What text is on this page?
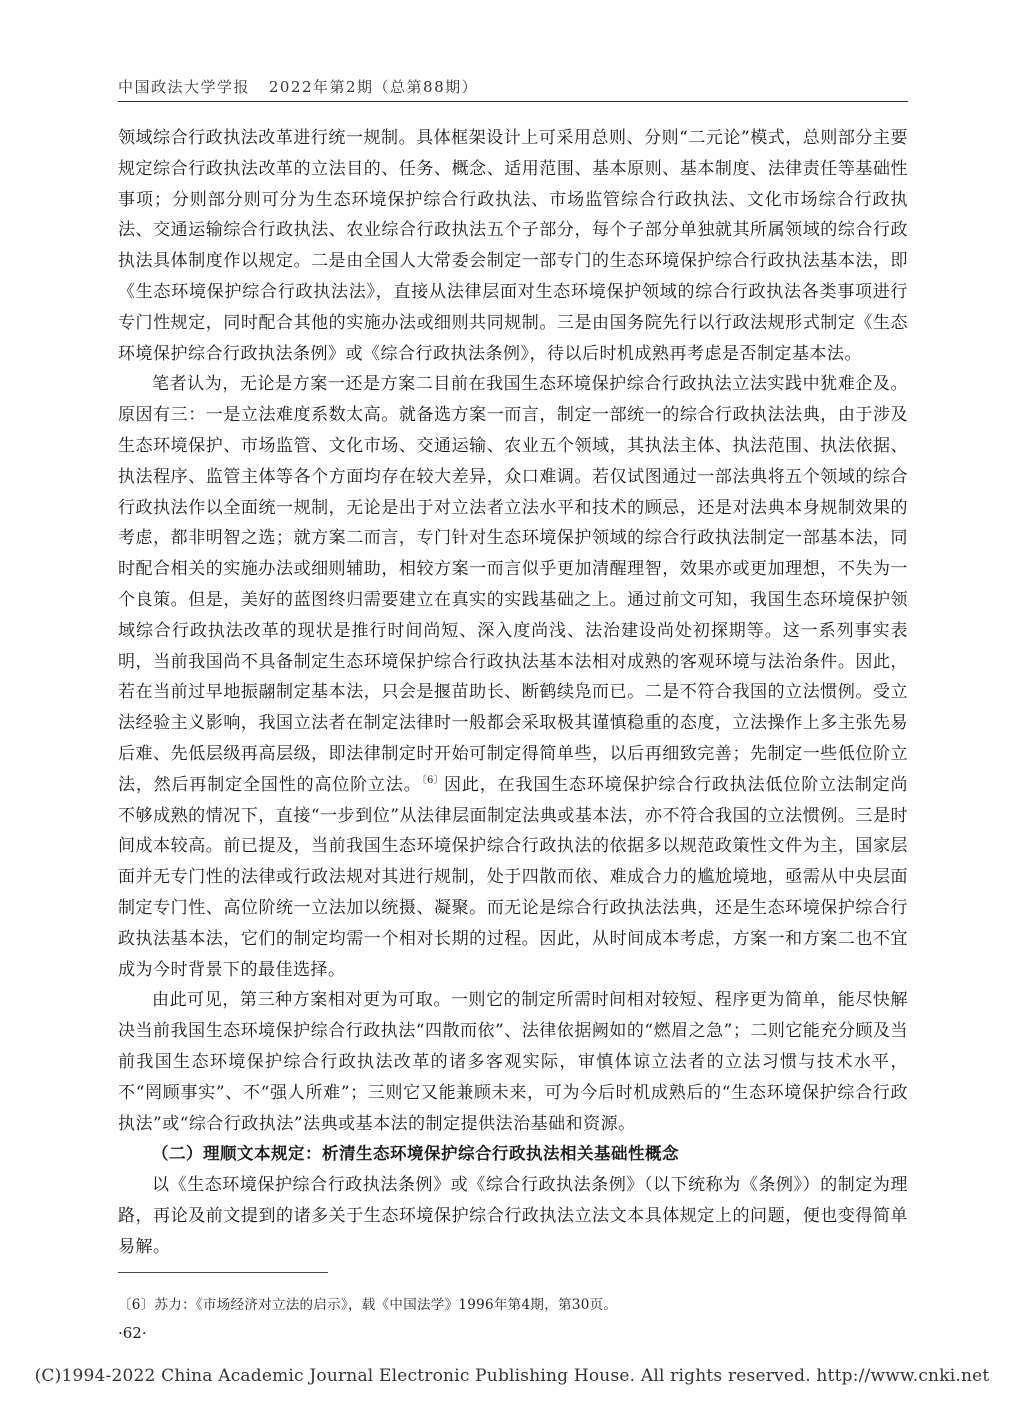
中国政法大学学报 2022年第2期（总第88期）

领域综合行政执法改革进行统一规制。具体框架设计上可采用总则、分则“二元论”模式，总则部分主要规定综合行政执法改革的立法目的、任务、概念、适用范围、基本原则、基本制度、法律责任等基础性事项；分则部分则可分为生态环境保护综合行政执法、市场监管综合行政执法、文化市场综合行政执法、交通运输综合行政执法、农业综合行政执法五个子部分，每个子部分单独就其所属领域的综合行政执法具体制度作以规定。二是由全国人大常委会制定一部专门的生态环境保护综合行政执法基本法，即《生态环境保护综合行政执法法》，直接从法律层面对生态环境保护领域的综合行政执法各类事项进行专门性规定，同时配合其他的实施办法或细则共同规制。三是由国务院先行以行政法规形式制定《生态环境保护综合行政执法条例》或《综合行政执法条例》，待以后时机成熟再考虑是否制定基本法。

笔者认为，无论是方案一还是方案二目前在我国生态环境保护综合行政执法立法实践中犹难企及。原因有三：一是立法难度系数太高。就备选方案一而言，制定一部统一的综合行政执法法典，由于涉及生态环境保护、市场监管、文化市场、交通运输、农业五个领域，其执法主体、执法范围、执法依据、执法程序、监管主体等各个方面均存在较大差异，众口难调。若仅试图通过一部法典将五个领域的综合行政执法作以全面统一规制，无论是出于对立法者立法水平和技术的顾忌，还是对法典本身规制效果的考虑，都非明智之选；就方案二而言，专门针对生态环境保护领域的综合行政执法制定一部基本法，同时配合相关的实施办法或细则辅助，相较方案一而言似乎更加清醒理智，效果亦或更加理想，不失为一个良策。但是，美好的蓝图终归需要建立在真实的实践基础之上。通过前文可知，我国生态环境保护领域综合行政执法改革的现状是推行时间尚短、深入度尚浅、法治建设尚处初探期等。这一系列事实表明，当前我国尚不具备制定生态环境保护综合行政执法基本法相对成熟的客观环境与法治条件。因此，若在当前过早地振翮制定基本法，只会是揠苗助长、断鹤续凫而已。二是不符合我国的立法惯例。受立法经验主义影响，我国立法者在制定法律时一般都会采取极其谨慎稳重的态度，立法操作上多主张先易后难、先低层级再高层级，即法律制定时开始可制定得简单些，以后再细致完善；先制定一些低位阶立法，然后再制定全国性的高位阶立法。$^{〔6〕}$因此，在我国生态环境保护综合行政执法低位阶立法制定尚不够成熟的情况下，直接“一步到位”从法律层面制定法典或基本法，亦不符合我国的立法惯例。三是时间成本较高。前已提及，当前我国生态环境保护综合行政执法的依据多以规范政策性文件为主，国家层面并无专门性的法律或行政法规对其进行规制，处于四散而依、难成合力的尴尬境地，亟需从中央层面制定专门性、高位阶统一立法加以统摄、凝聚。而无论是综合行政执法法典，还是生态环境保护综合行政执法基本法，它们的制定均需一个相对长期的过程。因此，从时间成本考虑，方案一和方案二也不宜成为今时背景下的最佳选择。

由此可见，第三种方案相对更为可取。一则它的制定所需时间相对较短、程序更为简单，能尽快解决当前我国生态环境保护综合行政执法“四散而依”、法律依据阙如的“燃眉之急”；二则它能充分顾及当前我国生态环境保护综合行政执法改革的诸多客观实际，审慎体谅立法者的立法习惯与技术水平，不“罔顾事实”、不“强人所难”；三则它又能兼顾未来，可为今后时机成熟后的“生态环境保护综合行政执法”或“综合行政执法”法典或基本法的制定提供法治基础和资源。

（二）理顺文本规定：析清生态环境保护综合行政执法相关基础性概念

以《生态环境保护综合行政执法条例》或《综合行政执法条例》（以下统称为《条例》）的制定为理路，再论及前文提到的诸多关于生态环境保护综合行政执法立法文本具体规定上的问题，便也变得简单易解。

〔6〕苏力：《市场经济对立法的启示》，载《中国法学》1996年第4期，第30页。
·62·
(C)1994-2022 China Academic Journal Electronic Publishing House. All rights reserved. http://www.cnki.net
